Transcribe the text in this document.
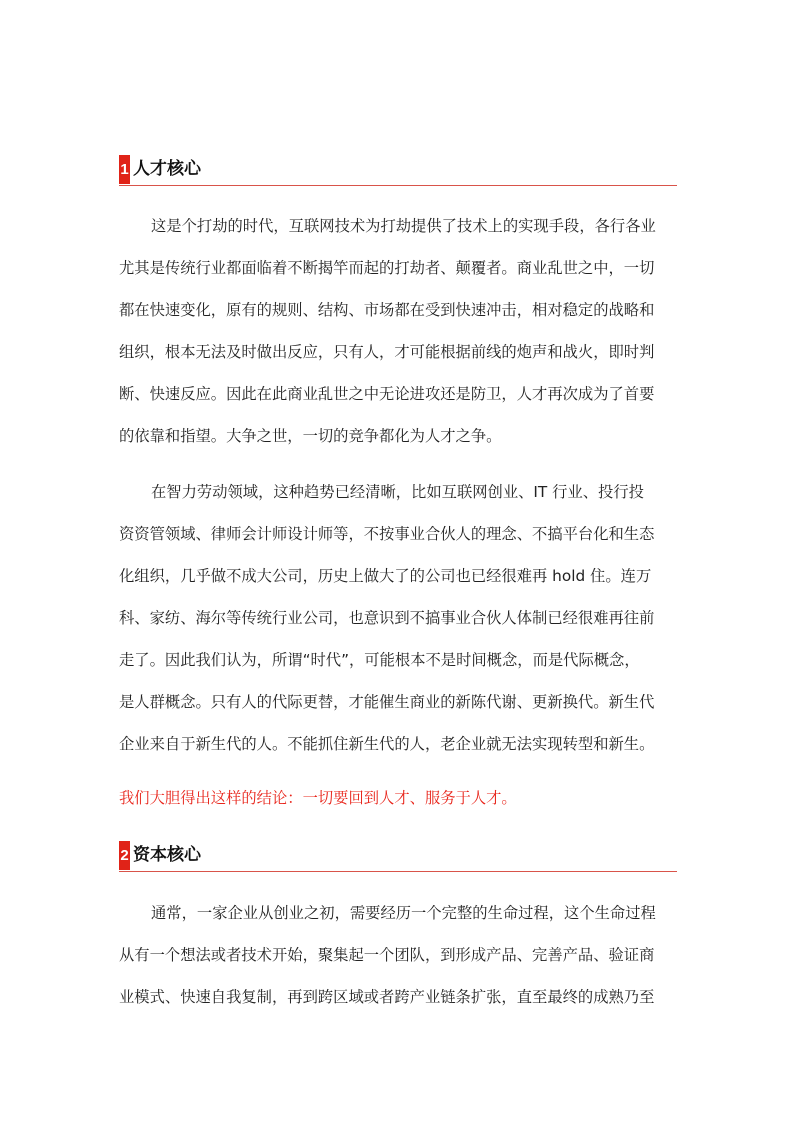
1 人才核心
这是个打劫的时代，互联网技术为打劫提供了技术上的实现手段，各行各业
尤其是传统行业都面临着不断揭竿而起的打劫者、颠覆者。商业乱世之中，一切
都在快速变化，原有的规则、结构、市场都在受到快速冲击，相对稳定的战略和
组织，根本无法及时做出反应，只有人，才可能根据前线的炮声和战火，即时判
断、快速反应。因此在此商业乱世之中无论进攻还是防卫，人才再次成为了首要
的依靠和指望。大争之世，一切的竞争都化为人才之争。
在智力劳动领域，这种趋势已经清晰，比如互联网创业、IT 行业、投行投
资资管领域、律师会计师设计师等，不按事业合伙人的理念、不搞平台化和生态
化组织，几乎做不成大公司，历史上做大了的公司也已经很难再 hold 住。连万
科、家纺、海尔等传统行业公司，也意识到不搞事业合伙人体制已经很难再往前
走了。因此我们认为，所谓“时代”，可能根本不是时间概念，而是代际概念，
是人群概念。只有人的代际更替，才能催生商业的新陈代谢、更新换代。新生代
企业来自于新生代的人。不能抓住新生代的人，老企业就无法实现转型和新生。
我们大胆得出这样的结论：一切要回到人才、服务于人才。
2 资本核心
通常，一家企业从创业之初，需要经历一个完整的生命过程，这个生命过程
从有一个想法或者技术开始，聚集起一个团队，到形成产品、完善产品、验证商
业模式、快速自我复制，再到跨区域或者跨产业链条扩张，直至最终的成熟乃至
